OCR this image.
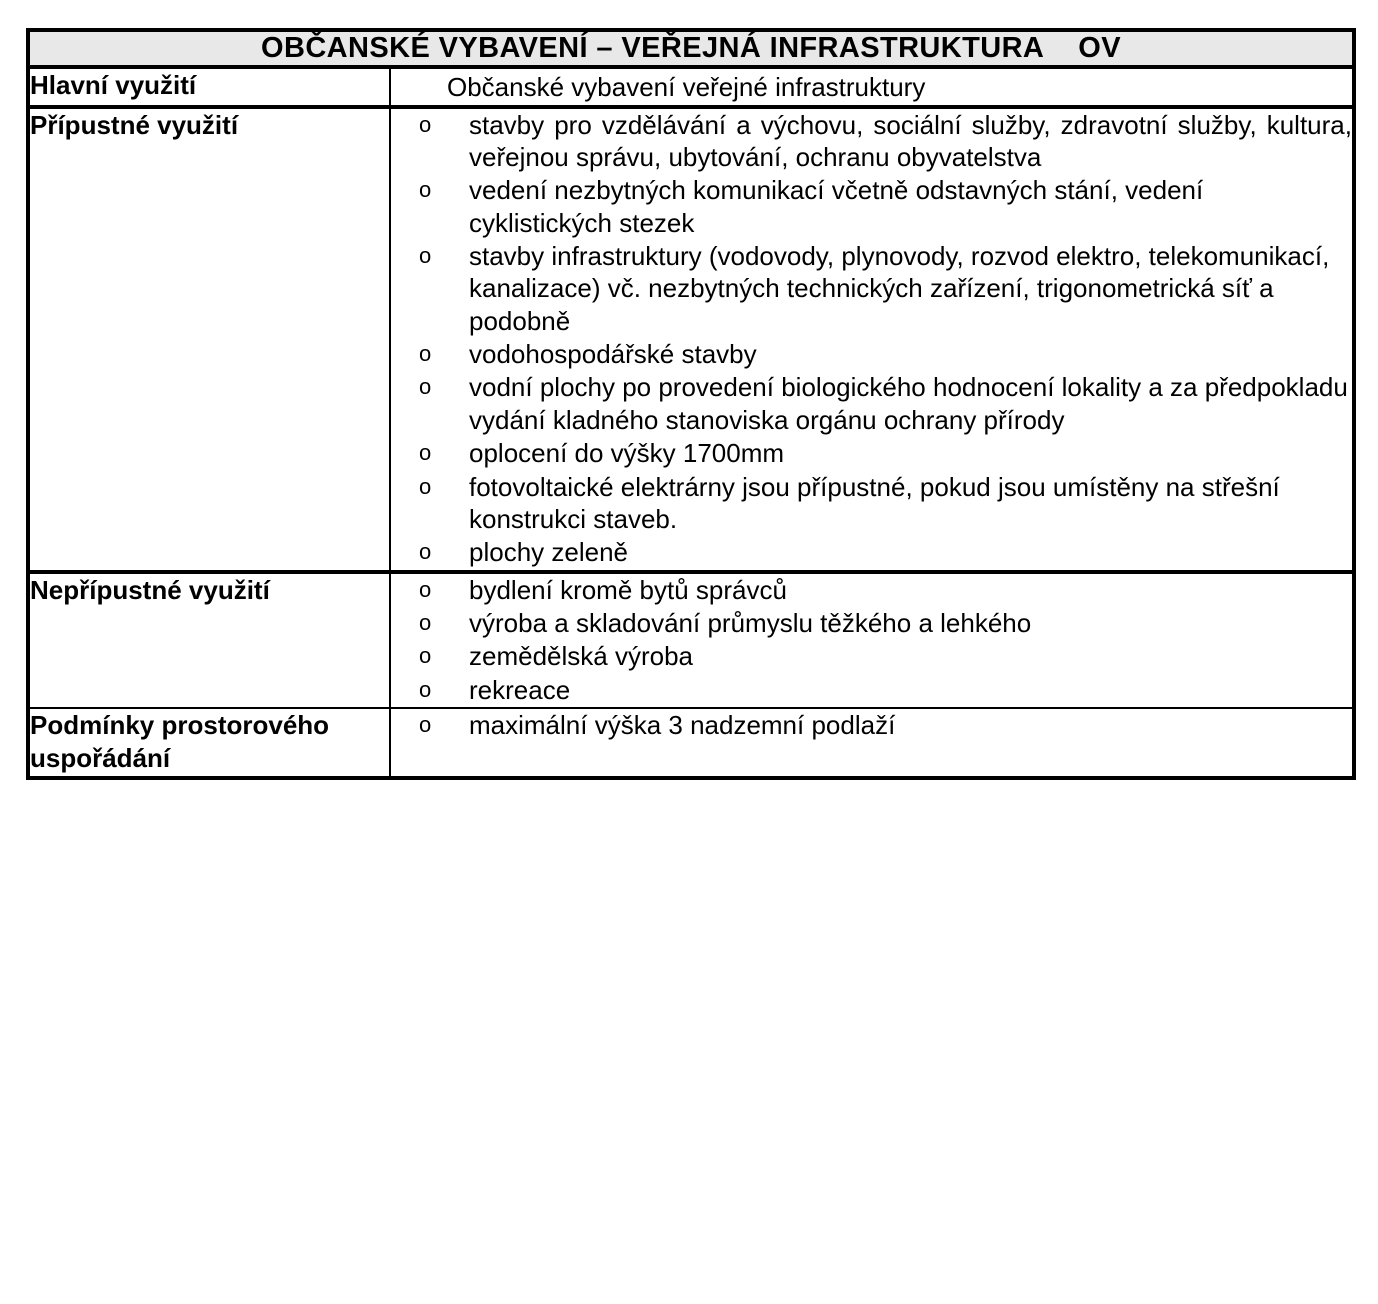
OBČANSKÉ VYBAVENÍ – VEŘEJNÁ INFRASTRUKTURA OV	
Hlavní využití	Občanské vybavení veřejné infrastruktury

Přípustné využití	
ostavby pro vzdělávání a výchovu, sociální služby, zdravotní služby, kultura, veřejnou správu, ubytování, ochranu obyvatelstva
o vedení nezbytných komunikací včetně odstavných stání, vedení cyklistických stezek
o stavby infrastruktury (vodovody, plynovody, rozvod elektro, telekomunikací, kanalizace) vč. nezbytných technických zařízení, trigonometrická síť a podobně
o vodohospodářské stavby
o vodní plochy po provedení biologického hodnocení lokality a za předpokladu vydání kladného stanoviska orgánu ochrany přírody
o oplocení do výšky 1700mm
o fotovoltaické elektrárny jsou přípustné, pokud jsou umístěny na střešní konstrukci staveb.
o plochy zeleně

Nepřípustné využití	
obydlení kromě bytů správců
o výroba a skladování průmyslu těžkého a lehkého
o zemědělská výroba
o rekreace

Podmínky prostorového uspořádání	
o maximální výška 3 nadzemní podlaží
